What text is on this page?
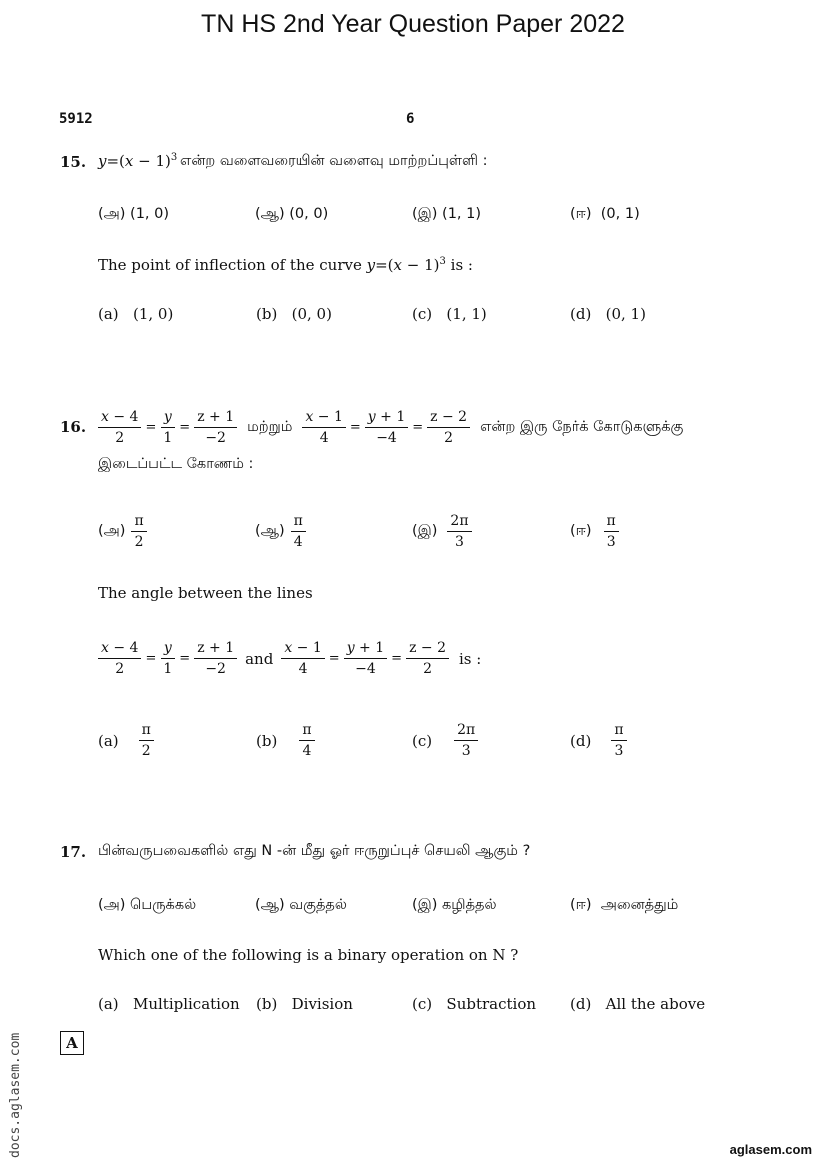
TN HS 2nd Year Question Paper 2022
5912	6
15. $y=(x - 1)^3$ என்ற வளைவரையின் வளைவு மாற்றப்புள்ளி :
(அ) (1, 0)	(ஆ) (0, 0)	(இ) (1, 1)	(ஈ) (0, 1)
The point of inflection of the curve $y=(x - 1)^3$ is :
(a) (1, 0)	(b) (0, 0)	(c) (1, 1)	(d) (0, 1)
16. $\frac{x - 4}{2} = \frac{y}{1} = \frac{z + 1}{-2}$ மற்றும் $\frac{x - 1}{4} = \frac{y + 1}{-4} = \frac{z - 2}{2}$ என்ற இரு நேர்க் கோடுகளுக்கு
இடைப்பட்ட கோணம் :
(அ) $\frac{\pi}{2}$	(ஆ) $\frac{\pi}{4}$	(இ) $\frac{2\pi}{3}$	(ஈ) $\frac{\pi}{3}$
The angle between the lines
$\frac{x - 4}{2} = \frac{y}{1} = \frac{z + 1}{-2}$ and $\frac{x - 1}{4} = \frac{y + 1}{-4} = \frac{z - 2}{2}$ is :
$(a) \frac{\pi}{2}$	$(b) \frac{\pi}{4}$	$(c) \frac{2\pi}{3}$	$(d) \frac{\pi}{3}$
17. பின்வருபவைகளில் எது N -ன் மீது ஓர் ஈருறுப்புச் செயலி ஆகும் ?
(அ) பெருக்கல்	(ஆ) வகுத்தல்	(இ) கழித்தல்	(ஈ) அனைத்தும்
Which one of the following is a binary operation on N ?
(a) Multiplication (b) Division	(c) Subtraction (d) All the above
A
docs.aglasem.com	aglasem.com
